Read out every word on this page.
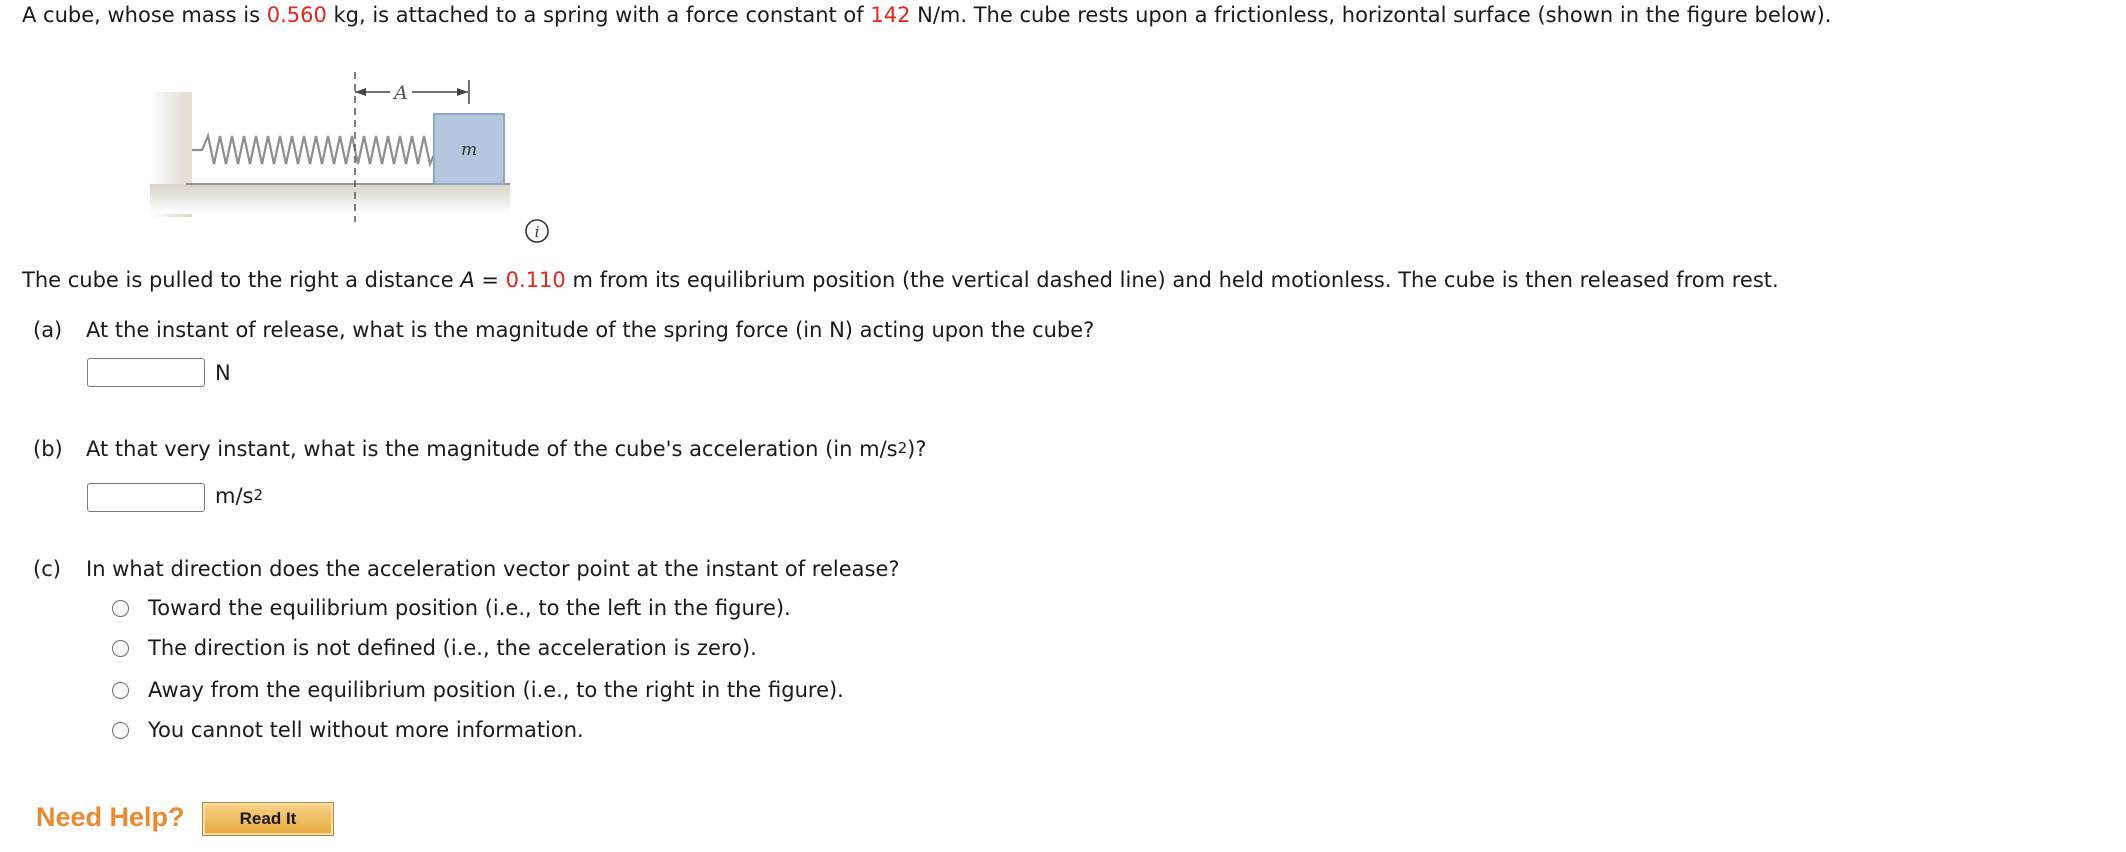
A cube, whose mass is 0.560 kg, is attached to a spring with a force constant of 142 N/m. The cube rests upon a frictionless, horizontal surface (shown in the figure below).
m
A
i
The cube is pulled to the right a distance A = 0.110 m from its equilibrium position (the vertical dashed line) and held motionless. The cube is then released from rest.
(a) At the instant of release, what is the magnitude of the spring force (in N) acting upon the cube?
N
(b) At that very instant, what is the magnitude of the cube's acceleration (in $m/s^2$)?
$m/s^2$
(c) In what direction does the acceleration vector point at the instant of release?
Toward the equilibrium position (i.e., to the left in the figure).
The direction is not defined (i.e., the acceleration is zero).
Away from the equilibrium position (i.e., to the right in the figure).
You cannot tell without more information.
Need Help?	Read It
